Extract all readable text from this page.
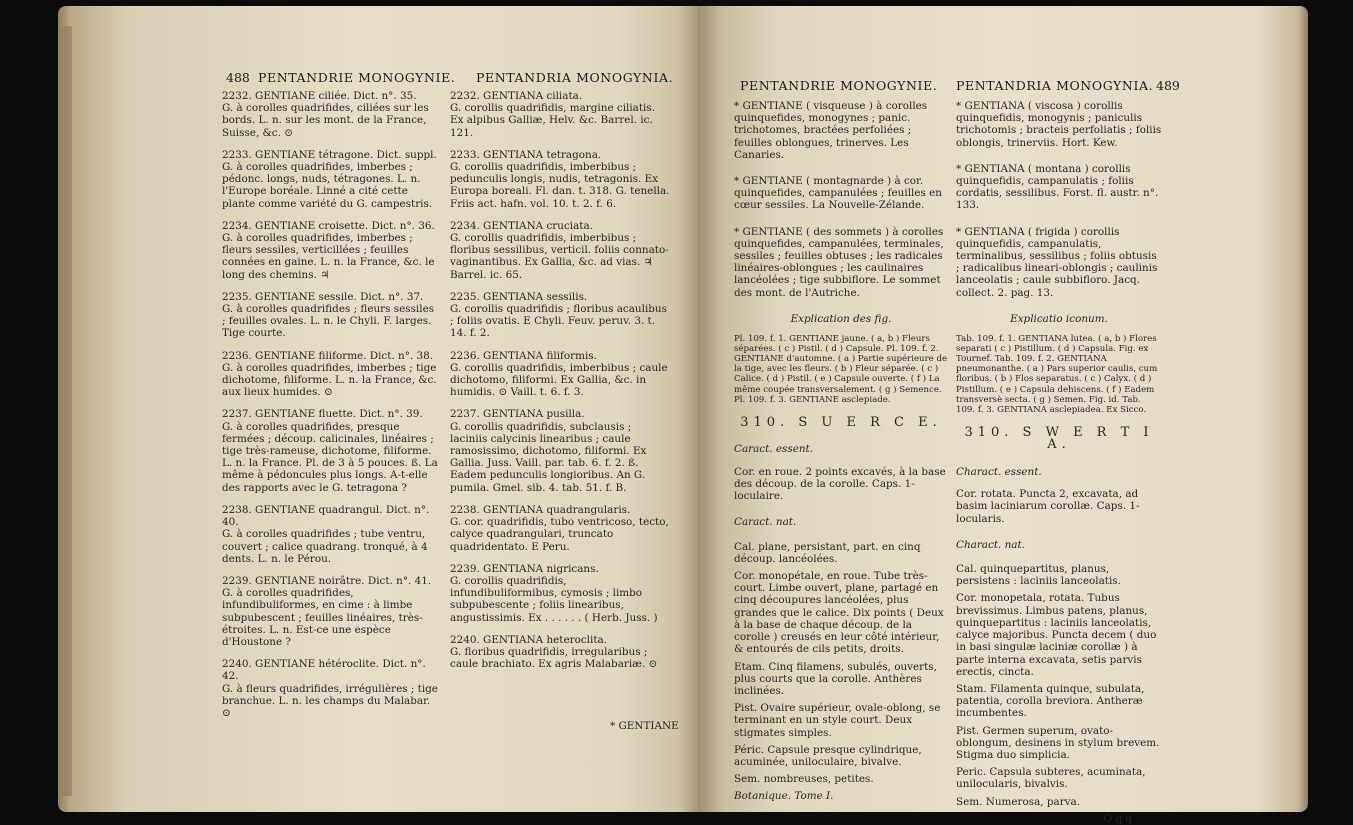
488 PENTANDRIE MONOGYNIE. PENTANDRIA MONOGYNIA.

2232. GENTIANE ciliée. Dict. n°. 35.

G. à corolles quadrifides, ciliées sur les bords. L. n. sur les mont. de la France, Suisse, &c. ⊙

2233. GENTIANE tétragone. Dict. suppl.

G. à corolles quadrifides, imberbes ; pédonc. longs, nuds, tétragones. L. n. l'Europe boréale. Linné a cité cette plante comme variété du G. campestris.

2234. GENTIANE croisette. Dict. n°. 36.

G. à corolles quadrifides, imberbes ; fleurs sessiles, verticillées ; feuilles connées en gaine. L. n. la France, &c. le long des chemins. ♃

2235. GENTIANE sessile. Dict. n°. 37.

G. à corolles quadrifides ; fleurs sessiles ; feuilles ovales. L. n. le Chyli. F. larges. Tige courte.

2236. GENTIANE filiforme. Dict. n°. 38.

G. à corolles quadrifides, imberbes ; tige dichotome, filiforme. L. n. la France, &c. aux lieux humides. ⊙

2237. GENTIANE fluette. Dict. n°. 39.

G. à corolles quadrifides, presque fermées ; découp. calicinales, linéaires ; tige très-rameuse, dichotome, filiforme. L. n. la France. Pl. de 3 à 5 pouces. ß. La même à pédoncules plus longs. A-t-elle des rapports avec le G. tetragona ?

2238. GENTIANE quadrangul. Dict. n°. 40.

G. à corolles quadrifides ; tube ventru, couvert ; calice quadrang. tronqué, à 4 dents. L. n. le Pérou.

2239. GENTIANE noirâtre. Dict. n°. 41.

G. à corolles quadrifides, infundibuliformes, en cime : à limbe subpubescent ; feuilles linéaires, très-étroites. L. n. Est-ce une espèce d'Houstone ?

2240. GENTIANE hétéroclite. Dict. n°. 42.

G. à fleurs quadrifides, irrégulières ; tige branchue. L. n. les champs du Malabar. ⊙

2232. GENTIANA ciliata.

G. corollis quadrifidis, margine ciliatis. Ex alpibus Galliæ, Helv. &c. Barrel. ic. 121.

2233. GENTIANA tetragona.

G. corollis quadrifidis, imberbibus ; pedunculis longis, nudis, tetragonis. Ex Europa boreali. Fl. dan. t. 318. G. tenella. Friis act. hafn. vol. 10. t. 2. f. 6.

2234. GENTIANA cruciata.

G. corollis quadrifidis, imberbibus ; floribus sessilibus, verticil. foliis connato-vaginantibus. Ex Gallia, &c. ad vias. ♃ Barrel. ic. 65.

2235. GENTIANA sessilis.

G. corollis quadrifidis ; floribus acaulibus ; foliis ovatis. E Chyli. Feuv. peruv. 3. t. 14. f. 2.

2236. GENTIANA filiformis.

G. corollis quadrifidis, imberbibus ; caule dichotomo, filiformi. Ex Gallia, &c. in humidis. ⊙ Vaill. t. 6. f. 3.

2237. GENTIANA pusilla.

G. corollis quadrifidis, subclausis ; laciniis calycinis linearibus ; caule ramosissimo, dichotomo, filiformi. Ex Gallia. Juss. Vaill. par. tab. 6. f. 2. ß. Eadem pedunculis longioribus. An G. pumila. Gmel. sib. 4. tab. 51. f. B.

2238. GENTIANA quadrangularis.

G. cor. quadrifidis, tubo ventricoso, tecto, calyce quadrangulari, truncato quadridentato. E Peru.

2239. GENTIANA nigricans.

G. corollis quadrifidis, infundibuliformibus, cymosis ; limbo subpubescente ; foliis linearibus, angustissimis. Ex . . . . . . ( Herb. Juss. )

2240. GENTIANA heteroclita.

G. floribus quadrifidis, irregularibus ; caule brachiato. Ex agris Malabariæ. ⊙

* GENTIANE
PENTANDRIE MONOGYNIE. PENTANDRIA MONOGYNIA. 489

* GENTIANE ( visqueuse ) à corolles quinquefides, monogynes ; panic. trichotomes, bractées perfoliées ; feuilles oblongues, trinerves. Les Canaries.

* GENTIANE ( montagnarde ) à cor. quinquefides, campanulées ; feuilles en cœur sessiles. La Nouvelle-Zélande.

* GENTIANE ( des sommets ) à corolles quinquefides, campanulées, terminales, sessiles ; feuilles obtuses ; les radicales linéaires-oblongues ; les caulinaires lancéolées ; tige subbiflore. Le sommet des mont. de l'Autriche.

Explication des fig.

Pl. 109. f. 1. GENTIANE jaune. ( a, b ) Fleurs séparées. ( c ) Pistil. ( d ) Capsule. Pl. 109. f. 2. GENTIANE d'automne. ( a ) Partie supérieure de la tige, avec les fleurs. ( b ) Fleur séparée. ( c ) Calice. ( d ) Pistil. ( e ) Capsule ouverte. ( f ) La même coupée transversalement. ( g ) Semence. Pl. 109. f. 3. GENTIANE asclepiade.

310. S U E R C E.

Caract. essent.

Cor. en roue. 2 points excavés, à la base des découp. de la corolle. Caps. 1-loculaire.

Caract. nat.

Cal. plane, persistant, part. en cinq découp. lancéolées.

Cor. monopétale, en roue. Tube très-court. Limbe ouvert, plane, partagé en cinq découpures lancéolées, plus grandes que le calice. Dix points ( Deux à la base de chaque découp. de la corolle ) creusés en leur côté intérieur, & entourés de cils petits, droits.

Etam. Cinq filamens, subulés, ouverts, plus courts que la corolle. Anthères inclinées.

Pist. Ovaire supérieur, ovale-oblong, se terminant en un style court. Deux stigmates simples.

Péric. Capsule presque cylindrique, acuminée, uniloculaire, bivalve.

Sem. nombreuses, petites.

Botanique. Tome I.

* GENTIANA ( viscosa ) corollis quinquefidis, monogynis ; paniculis trichotomis ; bracteis perfoliatis ; foliis oblongis, trinerviis. Hort. Kew.

* GENTIANA ( montana ) corollis quinquefidis, campanulatis ; foliis cordatis, sessilibus. Forst. fl. austr. n°. 133.

* GENTIANA ( frigida ) corollis quinquefidis, campanulatis, terminalibus, sessilibus ; foliis obtusis ; radicalibus lineari-oblongis ; caulinis lanceolatis ; caule subbifloro. Jacq. collect. 2. pag. 13.

Explicatio iconum.

Tab. 109. f. 1. GENTIANA lutea. ( a, b ) Flores separati ( c ) Pistillum. ( d ) Capsula. Fig. ex Tournef. Tab. 109. f. 2. GENTIANA pneumonanthe. ( a ) Pars superior caulis, cum floribus. ( b ) Flos separatus. ( c ) Calyx. ( d ) Pistillum. ( e ) Capsula dehiscens. ( f ) Eadem transversè secta. ( g ) Semen. Fig. id. Tab. 109. f. 3. GENTIANA asclepiadea. Ex Sicco.

310. S W E R T I A.

Charact. essent.

Cor. rotata. Puncta 2, excavata, ad basim laciniarum corollæ. Caps. 1-locularis.

Charact. nat.

Cal. quinquepartitus, planus, persistens : laciniis lanceolatis.

Cor. monopetala, rotata. Tubus brevissimus. Limbus patens, planus, quinquepartitus : laciniis lanceolatis, calyce majoribus. Puncta decem ( duo in basi singulæ laciniæ corollæ ) à parte interna excavata, setis parvis erectis, cincta.

Stam. Filamenta quinque, subulata, patentia, corolla breviora. Antheræ incumbentes.

Pist. Germen superum, ovato-oblongum, desinens in stylum brevem. Stigma duo simplicia.

Peric. Capsula subteres, acuminata, unilocularis, bivalvis.

Sem. Numerosa, parva.

Q q q
